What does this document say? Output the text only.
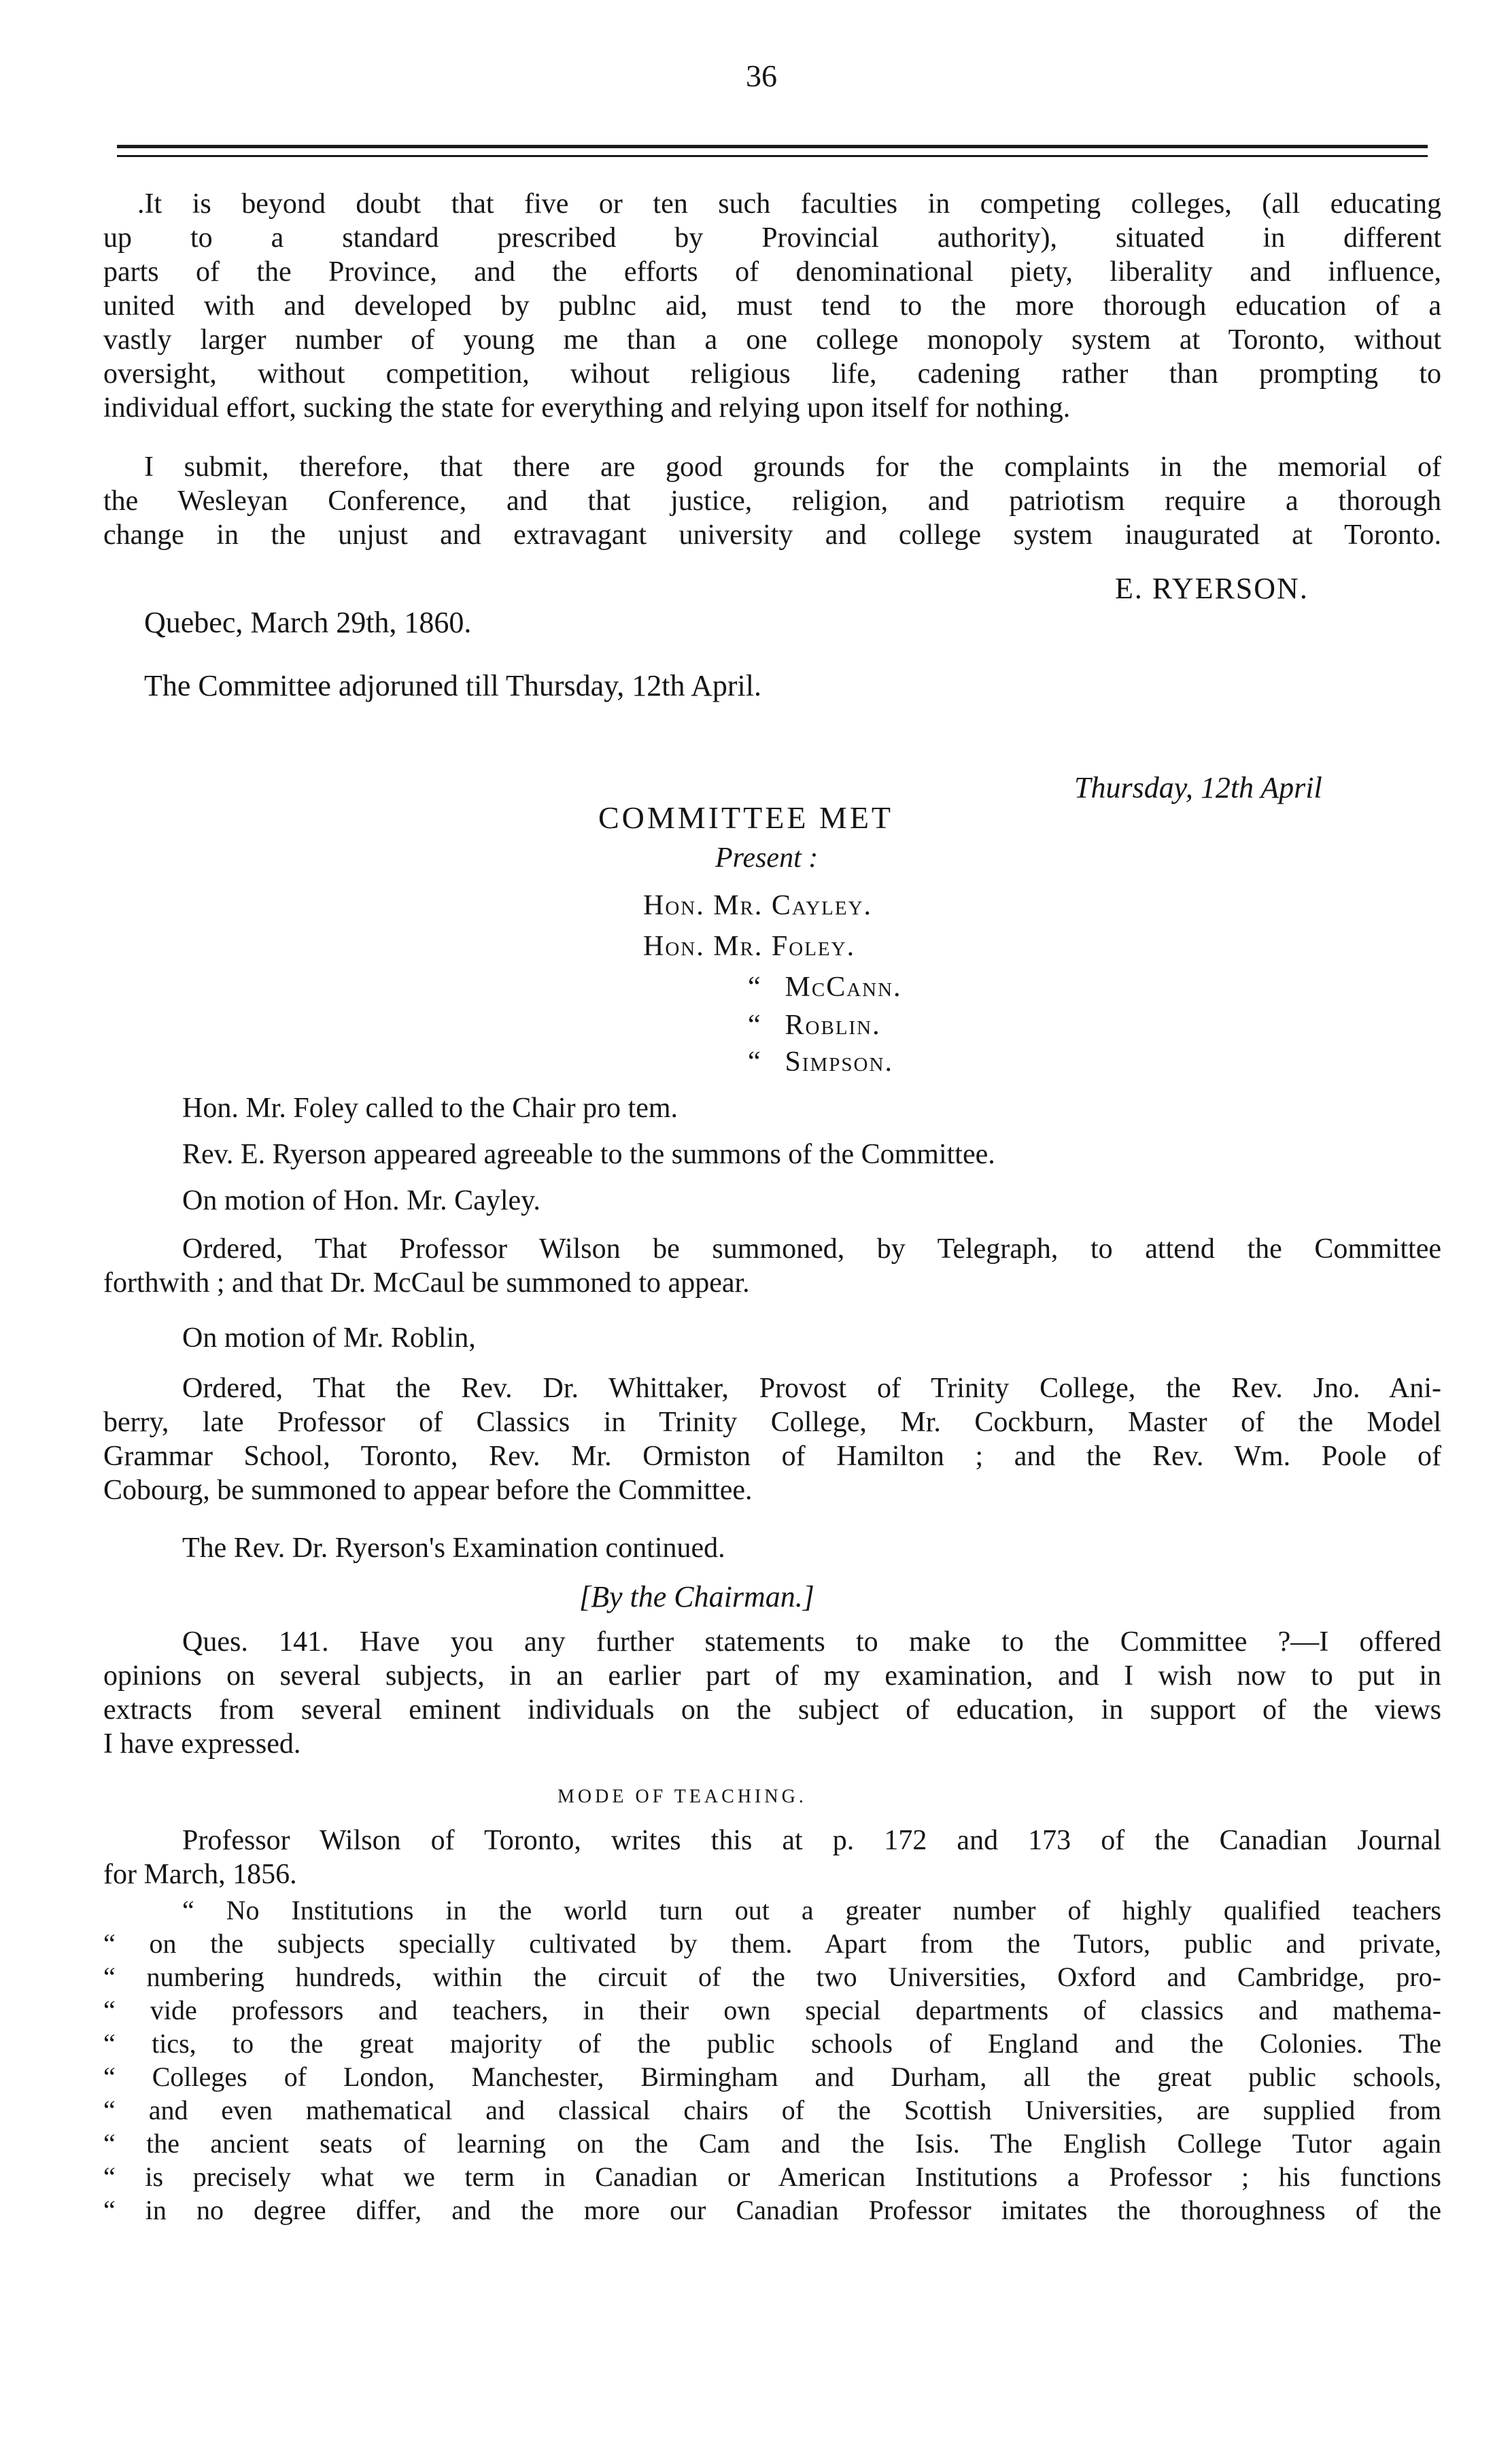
36
.It is beyond doubt that five or ten such faculties in competing colleges, (all educating
up to a standard prescribed by Provincial authority), situated in different
parts of the Province, and the efforts of denominational piety, liberality and influence,
united with and developed by publnc aid, must tend to the more thorough education of a
vastly larger number of young me than a one college monopoly system at Toronto, without
oversight, without competition, wihout religious life, cadening rather than prompting to
individual effort, sucking the state for everything and relying upon itself for nothing.
I submit, therefore, that there are good grounds for the complaints in the memorial of
the Wesleyan Conference, and that justice, religion, and patriotism require a thorough
change in the unjust and extravagant university and college system inaugurated at Toronto.
E. RYERSON.
Quebec, March 29th, 1860.
The Committee adjoruned till Thursday, 12th April.
Thursday, 12th April
COMMITTEE MET
Present :
Hon. Mr. Cayley.
Hon. Mr. Foley.
“ McCann.
“ Roblin.
“ Simpson.
Hon. Mr. Foley called to the Chair pro tem.
Rev. E. Ryerson appeared agreeable to the summons of the Committee.
On motion of Hon. Mr. Cayley.
Ordered, That Professor Wilson be summoned, by Telegraph, to attend the Committee
forthwith ; and that Dr. McCaul be summoned to appear.
On motion of Mr. Roblin,
Ordered, That the Rev. Dr. Whittaker, Provost of Trinity College, the Rev. Jno. Ani-
berry, late Professor of Classics in Trinity College, Mr. Cockburn, Master of the Model
Grammar School, Toronto, Rev. Mr. Ormiston of Hamilton ; and the Rev. Wm. Poole of
Cobourg, be summoned to appear before the Committee.
The Rev. Dr. Ryerson's Examination continued.
[By the Chairman.]
Ques. 141. Have you any further statements to make to the Committee ?—I offered
opinions on several subjects, in an earlier part of my examination, and I wish now to put in
extracts from several eminent individuals on the subject of education, in support of the views
I have expressed.
MODE OF TEACHING.
Professor Wilson of Toronto, writes this at p. 172 and 173 of the Canadian Journal
for March, 1856.
“ No Institutions in the world turn out a greater number of highly qualified teachers
“ on the subjects specially cultivated by them. Apart from the Tutors, public and private,
“ numbering hundreds, within the circuit of the two Universities, Oxford and Cambridge, pro-
“ vide professors and teachers, in their own special departments of classics and mathema-
“ tics, to the great majority of the public schools of England and the Colonies. The
“ Colleges of London, Manchester, Birmingham and Durham, all the great public schools,
“ and even mathematical and classical chairs of the Scottish Universities, are supplied from
“ the ancient seats of learning on the Cam and the Isis. The English College Tutor again
“ is precisely what we term in Canadian or American Institutions a Professor ; his functions
“ in no degree differ, and the more our Canadian Professor imitates the thoroughness of the
